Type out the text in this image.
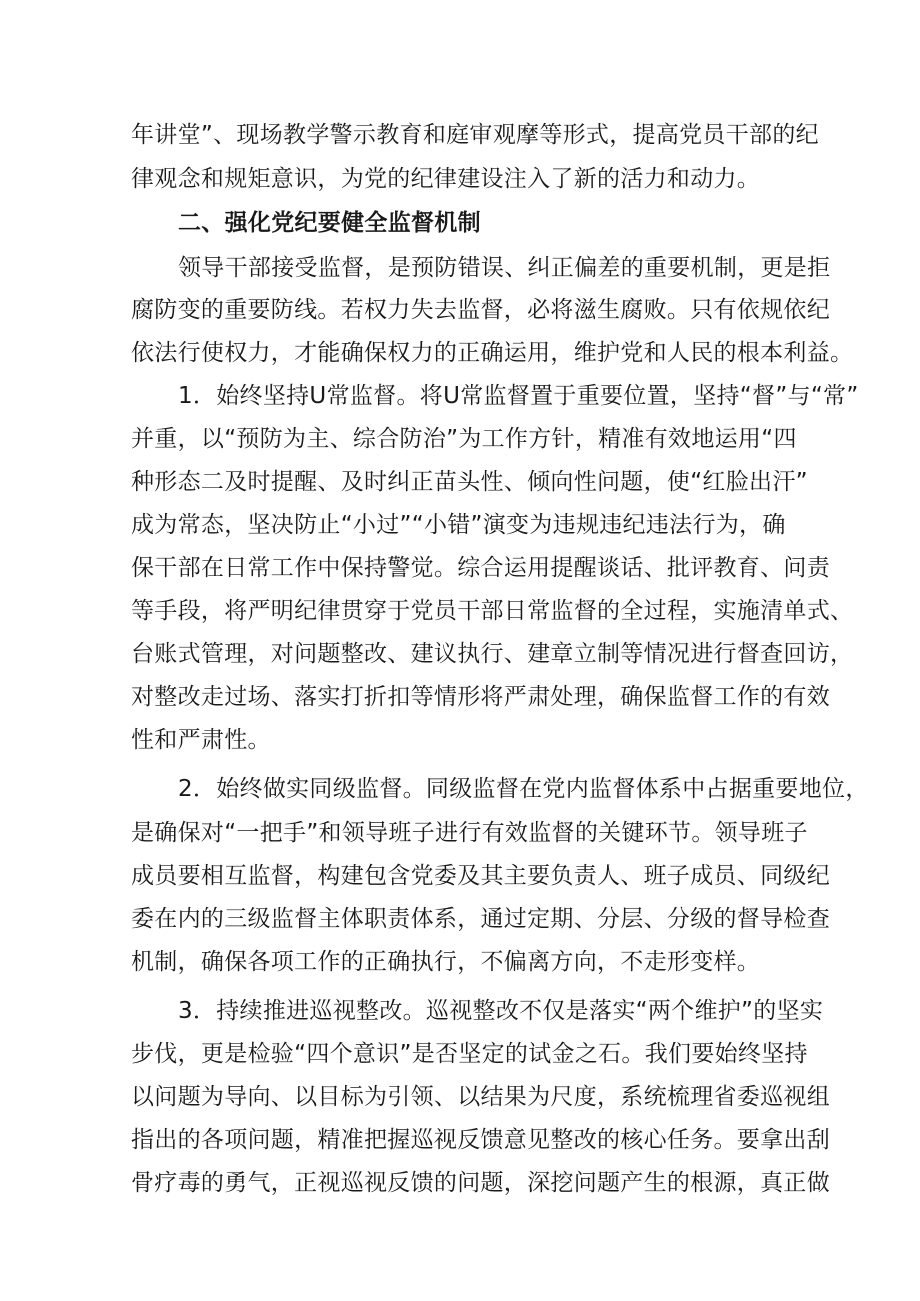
年讲堂”、现场教学警示教育和庭审观摩等形式，提高党员干部的纪
律观念和规矩意识，为党的纪律建设注入了新的活力和动力。
二、强化党纪要健全监督机制
领导干部接受监督，是预防错误、纠正偏差的重要机制，更是拒
腐防变的重要防线。若权力失去监督，必将滋生腐败。只有依规依纪
依法行使权力，才能确保权力的正确运用，维护党和人民的根本利益。
1．始终坚持U常监督。将U常监督置于重要位置，坚持“督”与“常”
并重，以“预防为主、综合防治”为工作方针，精准有效地运用“四
种形态二及时提醒、及时纠正苗头性、倾向性问题，使“红脸出汗”
成为常态，坚决防止“小过”“小错”演变为违规违纪违法行为，确
保干部在日常工作中保持警觉。综合运用提醒谈话、批评教育、问责
等手段，将严明纪律贯穿于党员干部日常监督的全过程，实施清单式、
台账式管理，对问题整改、建议执行、建章立制等情况进行督查回访，
对整改走过场、落实打折扣等情形将严肃处理，确保监督工作的有效
性和严肃性。
2．始终做实同级监督。同级监督在党内监督体系中占据重要地位，
是确保对“一把手”和领导班子进行有效监督的关键环节。领导班子
成员要相互监督，构建包含党委及其主要负责人、班子成员、同级纪
委在内的三级监督主体职责体系，通过定期、分层、分级的督导检查
机制，确保各项工作的正确执行，不偏离方向，不走形变样。
3．持续推进巡视整改。巡视整改不仅是落实“两个维护”的坚实
步伐，更是检验“四个意识”是否坚定的试金之石。我们要始终坚持
以问题为导向、以目标为引领、以结果为尺度，系统梳理省委巡视组
指出的各项问题，精准把握巡视反馈意见整改的核心任务。要拿出刮
骨疗毒的勇气，正视巡视反馈的问题，深挖问题产生的根源，真正做
